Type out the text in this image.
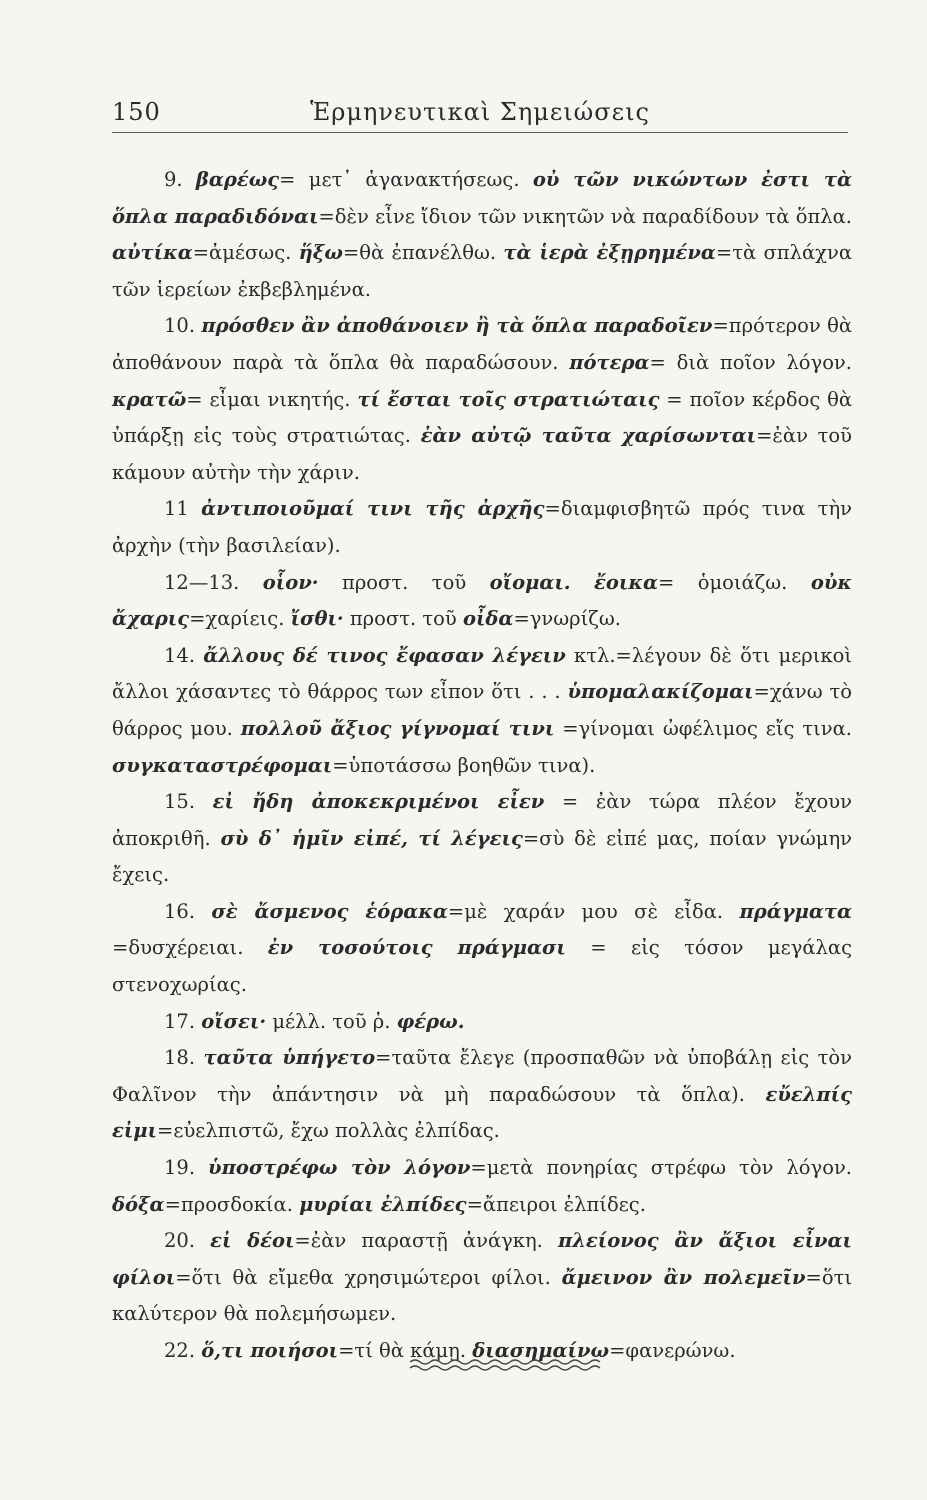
150	Ἑρμηνευτικαὶ Σημειώσεις

9. βαρέως= μετ᾽ ἀγανακτήσεως. οὐ τῶν νικώντων ἐστι τὰ ὅπλα παραδιδόναι=δὲν εἶνε ἴδιον τῶν νικητῶν νὰ παραδίδουν τὰ ὅπλα. αὐτίκα=ἀμέσως. ἥξω=θὰ ἐπανέλθω. τὰ ἱερὰ ἐξῃρημένα=τὰ σπλάχνα τῶν ἱερείων ἐκβεβλημένα.

10. πρόσθεν ἂν ἀποθάνοιεν ἢ τὰ ὅπλα παραδοῖεν=πρότερον θὰ ἀποθάνουν παρὰ τὰ ὅπλα θὰ παραδώσουν. πότερα= διὰ ποῖον λόγον. κρατῶ= εἶμαι νικητής. τί ἔσται τοῖς στρατιώταις = ποῖον κέρδος θὰ ὑπάρξῃ εἰς τοὺς στρατιώτας. ἐὰν αὐτῷ ταῦτα χαρίσωνται=ἐὰν τοῦ κάμουν αὐτὴν τὴν χάριν.

11 ἀντιποιοῦμαί τινι τῆς ἀρχῆς=διαμφισβητῶ πρός τινα τὴν ἀρχὴν (τὴν βασιλείαν).

12—13. οἷον· προστ. τοῦ οἴομαι. ἔοικα= ὁμοιάζω. οὐκ ἄχαρις=χαρίεις. ἴσθι· προστ. τοῦ οἶδα=γνωρίζω.

14. ἄλλους δέ τινος ἔφασαν λέγειν κτλ.=λέγουν δὲ ὅτι μερικοὶ ἄλλοι χάσαντες τὸ θάρρος των εἶπον ὅτι . . . ὑπομαλακίζομαι=χάνω τὸ θάρρος μου. πολλοῦ ἄξιος γίγνομαί τινι =γίνομαι ὠφέλιμος εἴς τινα. συγκαταστρέφομαι=ὑποτάσσω βοηθῶν τινα).

15. εἰ ἤδη ἀποκεκριμένοι εἶεν = ἐὰν τώρα πλέον ἔχουν ἀποκριθῆ. σὺ δ᾽ ἡμῖν εἰπέ, τί λέγεις=σὺ δὲ εἰπέ μας, ποίαν γνώμην ἔχεις.

16. σὲ ἄσμενος ἑόρακα=μὲ χαράν μου σὲ εἶδα. πράγματα =δυσχέρειαι. ἐν τοσούτοις πράγμασι = εἰς τόσον μεγάλας στενοχωρίας.

17. οἴσει· μέλλ. τοῦ ῥ. φέρω.

18. ταῦτα ὑπήγετο=ταῦτα ἔλεγε (προσπαθῶν νὰ ὑποβάλῃ εἰς τὸν Φαλῖνον τὴν ἀπάντησιν νὰ μὴ παραδώσουν τὰ ὅπλα). εὔελπίς εἰμι=εὐελπιστῶ, ἔχω πολλὰς ἐλπίδας.

19. ὑποστρέφω τὸν λόγον=μετὰ πονηρίας στρέφω τὸν λόγον. δόξα=προσδοκία. μυρίαι ἐλπίδες=ἄπειροι ἐλπίδες.

20. εἰ δέοι=ἐὰν παραστῇ ἀνάγκη. πλείονος ἂν ἄξιοι εἶναι φίλοι=ὅτι θὰ εἴμεθα χρησιμώτεροι φίλοι. ἄμεινον ἂν πολεμεῖν=ὅτι καλύτερον θὰ πολεμήσωμεν.

22. ὅ,τι ποιήσοι=τί θὰ κάμῃ. διασημαίνω=φανερώνω.
